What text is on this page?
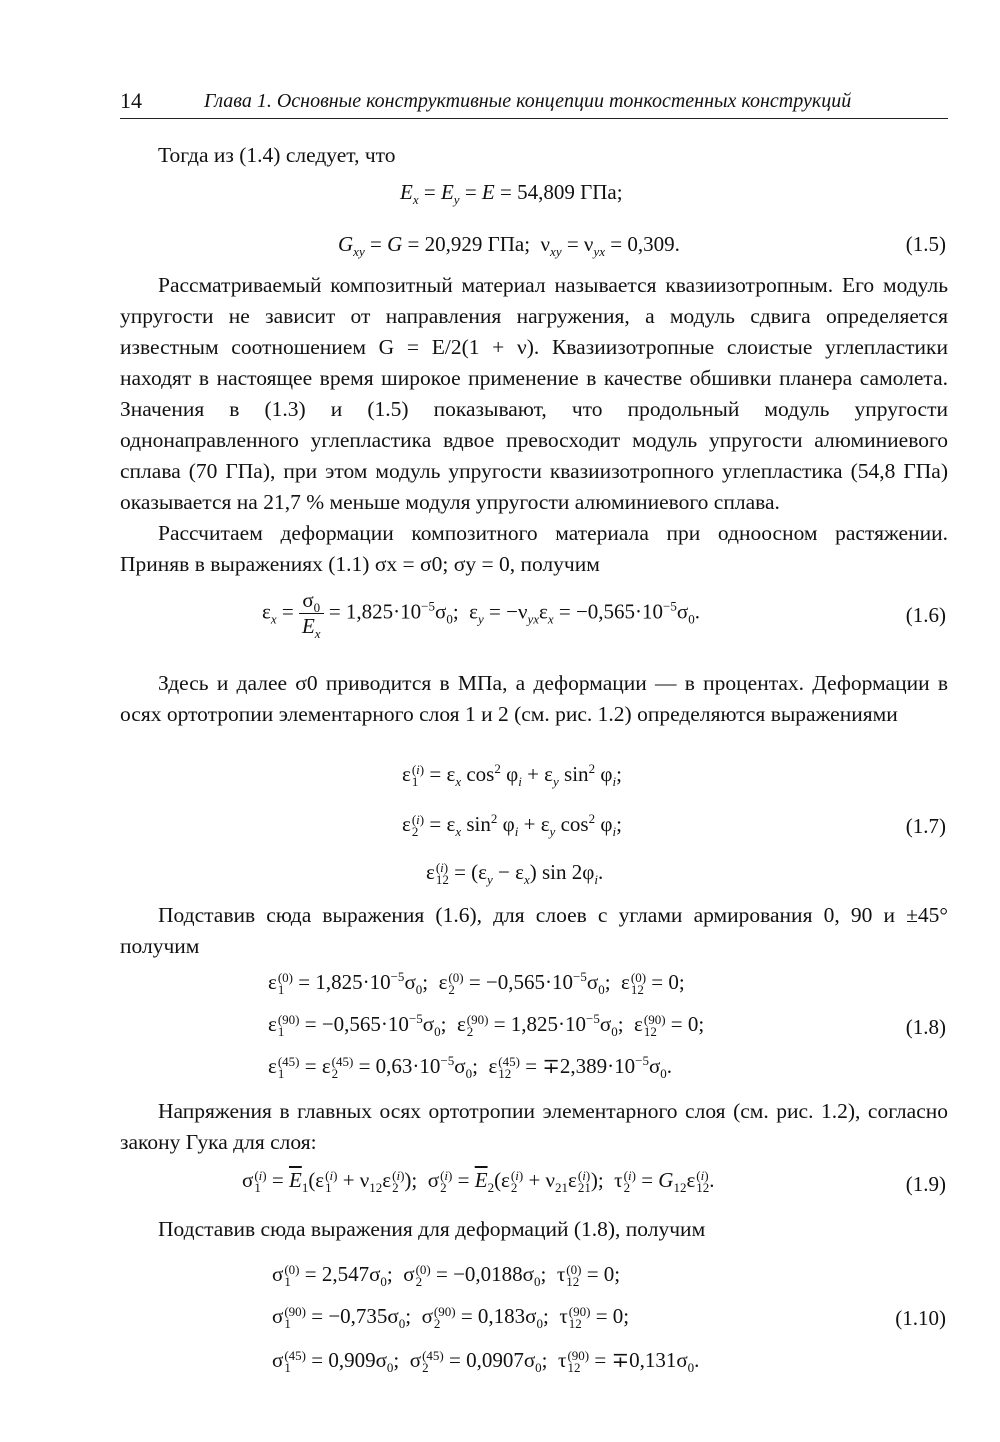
14	Глава 1. Основные конструктивные концепции тонкостенных конструкций
Тогда из (1.4) следует, что
$E_x = E_y = E = 54,809$ ГПа;
$G_{xy} = G = 20,929$ ГПа;  $\nu_{xy} = \nu_{yx} = 0,309$.	(1.5)
Рассматриваемый композитный материал называется квазиизотропным. Его модуль упругости не зависит от направления нагружения, а модуль сдвига определяется известным соотношением G = E/2(1 + ν). Квазиизотропные слоистые углепластики находят в настоящее время широкое применение в качестве обшивки планера самолета. Значения в (1.3) и (1.5) показывают, что продольный модуль упругости однонаправленного углепластика вдвое превосходит модуль упругости алюминиевого сплава (70 ГПа), при этом модуль упругости квазиизотропного углепластика (54,8 ГПа) оказывается на 21,7 % меньше модуля упругости алюминиевого сплава.
Рассчитаем деформации композитного материала при одноосном растяжении. Приняв в выражениях (1.1) σx = σ0; σy = 0, получим
$\varepsilon_x = \frac{\sigma_0}{E_x} = 1,825\cdot 10^{-5}\sigma_0$;  $\varepsilon_y = -\nu_{yx}\varepsilon_x = -0,565\cdot 10^{-5}\sigma_0$.	(1.6)
Здесь и далее σ0 приводится в МПа, а деформации — в процентах. Деформации в осях ортотропии элементарного слоя 1 и 2 (см. рис. 1.2) определяются выражениями
ε (i)
$1 = \varepsilon_x$ $\cos^2 \varphi_i + \varepsilon_y$ $\sin^2 \varphi_i$;
ε (i)
$2 = \varepsilon_x$ $\sin^2 \varphi_i + \varepsilon_y$ $\cos^2 \varphi_i$;	(1.7)
ε (i)
$12 = (\varepsilon_y - \varepsilon_x)$ $\sin 2\varphi_i$.
Подставив сюда выражения (1.6), для слоев с углами армирования 0, 90 и ±45° получим
ε (0)
$1 = 1,825\cdot 10^{-5}\sigma_0$;  ε (0)
$2 = -0,565\cdot 10^{-5}\sigma_0$;  ε (0)
12 = 0;
ε (90)
$1 = -0,565\cdot 10^{-5}\sigma_0$;  ε (90)
$2 = 1,825\cdot 10^{-5}\sigma_0$;  ε (90)
12 = 0;	(1.8)
ε (45)
1 = ε (45)
$2 = 0,63\cdot 10^{-5}\sigma_0$;  ε (45)
$12 = \mp 2,389\cdot 10^{-5}\sigma_0$.
Напряжения в главных осях ортотропии элементарного слоя (см. рис. 1.2), согласно закону Гука для слоя:
σ (i)
$1 = \overline{E}_1(\varepsilon$ (i)
$1 + \nu_{12}\varepsilon$ (i)
2 );  σ (i)
$2 = \overline{E}_2(\varepsilon$ (i)
$2 + \nu_{21}\varepsilon$ (i)
21 );  τ (i)
$2 = G_{12}\varepsilon$ (i)
12 .	(1.9)
Подставив сюда выражения для деформаций (1.8), получим
σ (0)
$1 = 2,547\sigma_0$;  σ (0)
$2 = -0,0188\sigma_0$;  τ (0)
12 = 0;
σ (90)
$1 = -0,735\sigma_0$;  σ (90)
$2 = 0,183\sigma_0$;  τ (90)
12 = 0;	(1.10)
σ (45)
$1 = 0,909\sigma_0$;  σ (45)
$2 = 0,0907\sigma_0$;  τ (90)
$12 = \mp 0,131\sigma_0$.
